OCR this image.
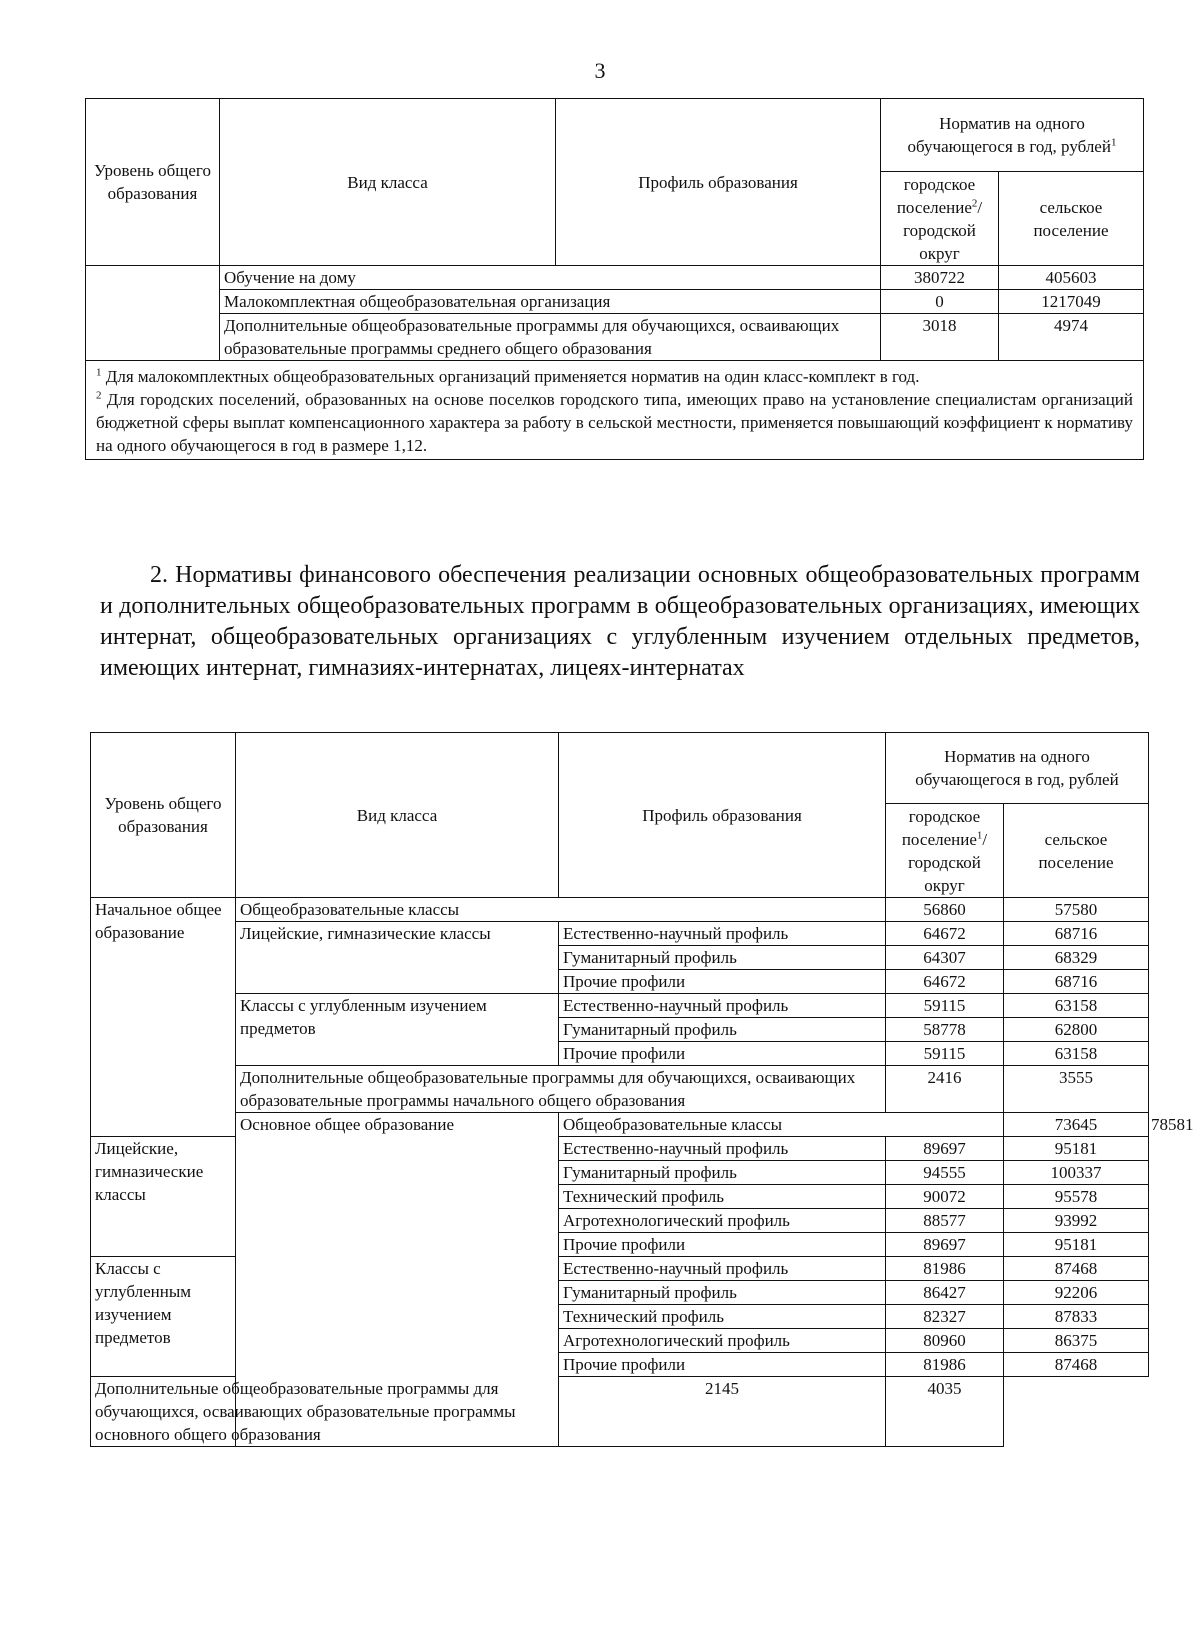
3
Уровень общего образования	Вид класса	Профиль образования	Норматив на одного обучающегося в год, рублей$^1$
			городское поселение$^2$/ городской округ	сельское поселение
	Обучение на дому		380722	405603
	Малокомплектная общеобразовательная организация		0	1217049
	Дополнительные общеобразовательные программы для обучающихся, осваивающих образовательные программы среднего общего образования		3018	4974

$^1$ Для малокомплектных общеобразовательных организаций применяется норматив на один класс-комплект в год.

$^2$ Для городских поселений, образованных на основе поселков городского типа, имеющих право на установление специалистам организаций бюджетной сферы выплат компенсационного характера за работу в сельской местности, применяется повышающий коэффициент к нормативу на одного обучающегося в год в размере 1,12.				

2. Нормативы финансового обеспечения реализации основных общеобразовательных программ и дополнительных общеобразовательных программ в общеобразовательных организациях, имеющих интернат, общеобразовательных организациях с углубленным изучением отдельных предметов, имеющих интернат, гимназиях-интернатах, лицеях-интернатах
Уровень общего образования	Вид класса	Профиль образования	Норматив на одного обучающегося в год, рублей		
			городское поселение$^1$/ городской округ	сельское поселение	
Начальное общее образование	Общеобразовательные классы		56860	57580	
	Лицейские, гимназические классы	Естественно-научный профиль	64672	68716	
		Гуманитарный профиль	64307	68329	
		Прочие профили	64672	68716	
	Классы с углубленным изучением предметов	Естественно-научный профиль	59115	63158	
		Гуманитарный профиль	58778	62800	
		Прочие профили	59115	63158	
	Дополнительные общеобразовательные программы для обучающихся, осваивающих образовательные программы начального общего образования		2416	3555	
	Основное общее образование	Общеобразовательные классы		73645	78581
Лицейские, гимназические классы		Естественно-научный профиль	89697	95181	
		Гуманитарный профиль	94555	100337	
		Технический профиль	90072	95578	
		Агротехнологический профиль	88577	93992	
		Прочие профили	89697	95181	
Классы с углубленным изучением предметов		Естественно-научный профиль	81986	87468	
		Гуманитарный профиль	86427	92206	
		Технический профиль	82327	87833	
		Агротехнологический профиль	80960	86375	
		Прочие профили	81986	87468	
Дополнительные общеобразовательные программы для обучающихся, осваивающих образовательные программы основного общего образования		2145	4035		
